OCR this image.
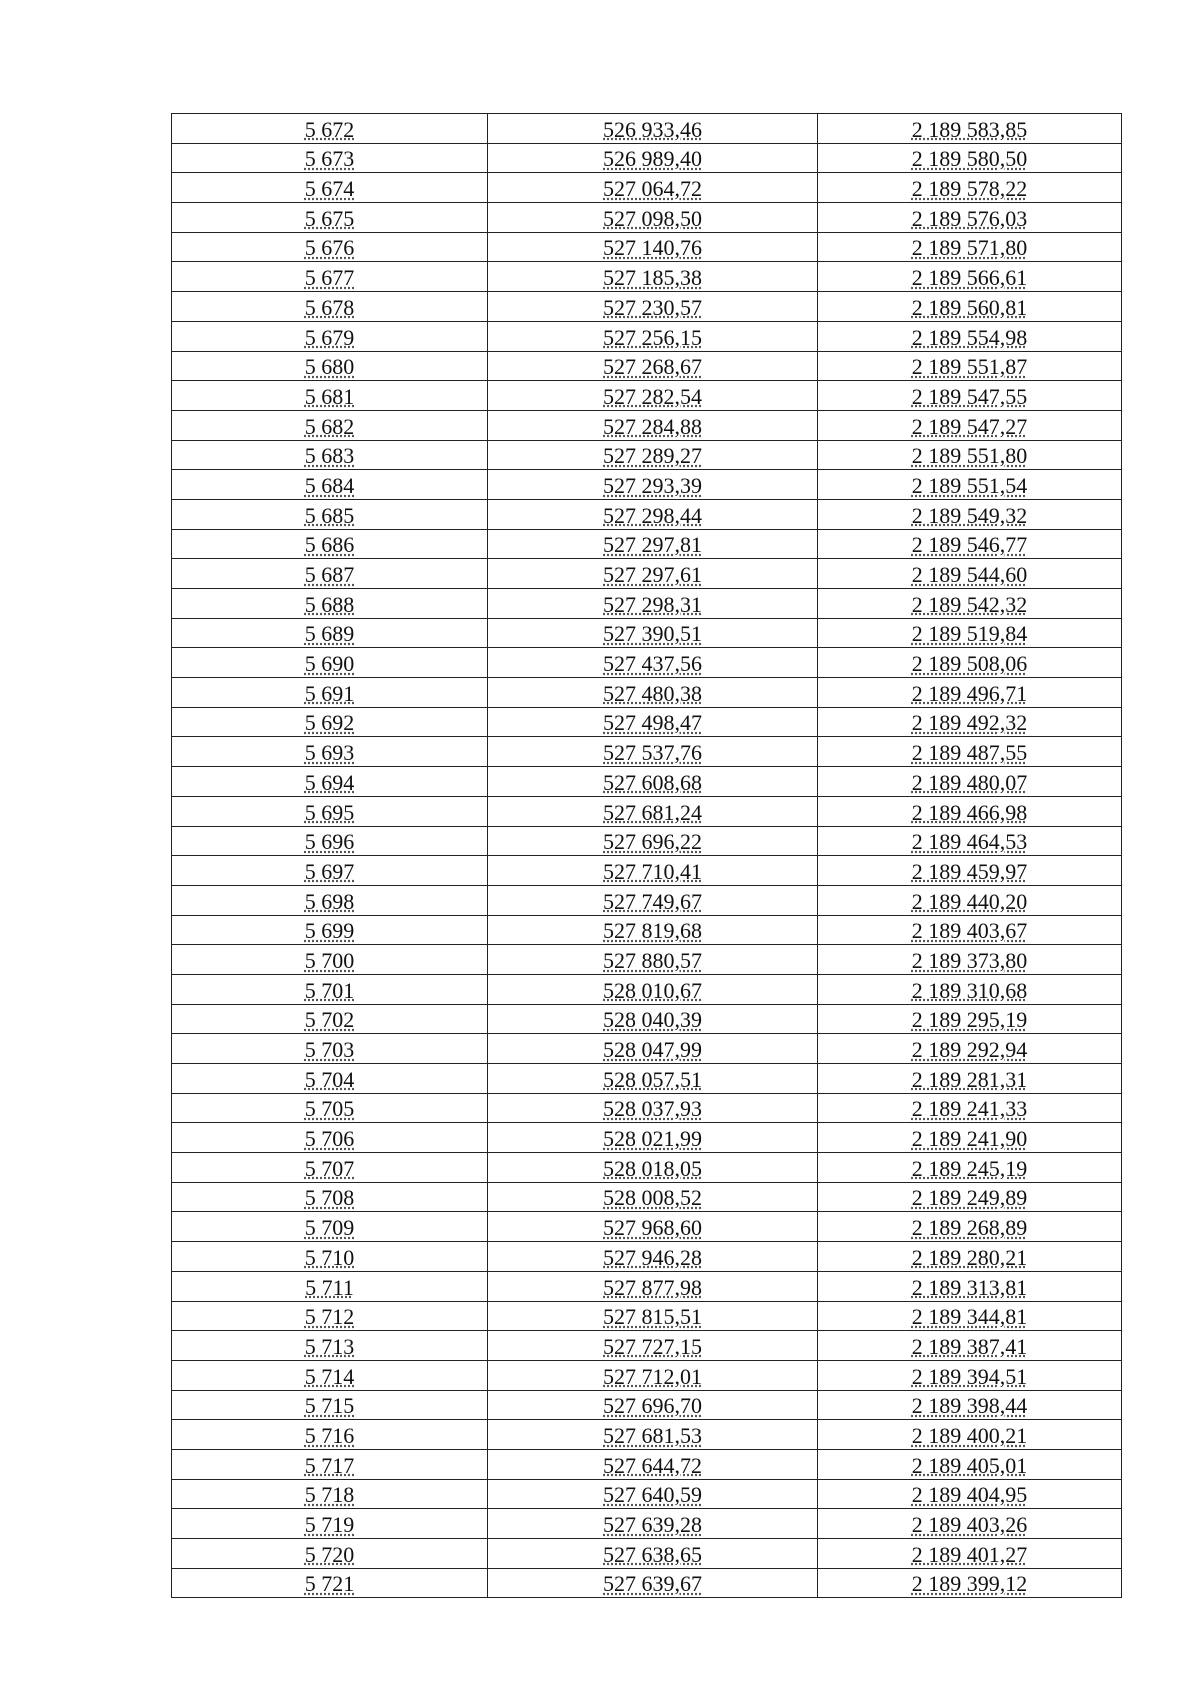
5 672	526 933,46	2 189 583,85
5 673	526 989,40	2 189 580,50
5 674	527 064,72	2 189 578,22
5 675	527 098,50	2 189 576,03
5 676	527 140,76	2 189 571,80
5 677	527 185,38	2 189 566,61
5 678	527 230,57	2 189 560,81
5 679	527 256,15	2 189 554,98
5 680	527 268,67	2 189 551,87
5 681	527 282,54	2 189 547,55
5 682	527 284,88	2 189 547,27
5 683	527 289,27	2 189 551,80
5 684	527 293,39	2 189 551,54
5 685	527 298,44	2 189 549,32
5 686	527 297,81	2 189 546,77
5 687	527 297,61	2 189 544,60
5 688	527 298,31	2 189 542,32
5 689	527 390,51	2 189 519,84
5 690	527 437,56	2 189 508,06
5 691	527 480,38	2 189 496,71
5 692	527 498,47	2 189 492,32
5 693	527 537,76	2 189 487,55
5 694	527 608,68	2 189 480,07
5 695	527 681,24	2 189 466,98
5 696	527 696,22	2 189 464,53
5 697	527 710,41	2 189 459,97
5 698	527 749,67	2 189 440,20
5 699	527 819,68	2 189 403,67
5 700	527 880,57	2 189 373,80
5 701	528 010,67	2 189 310,68
5 702	528 040,39	2 189 295,19
5 703	528 047,99	2 189 292,94
5 704	528 057,51	2 189 281,31
5 705	528 037,93	2 189 241,33
5 706	528 021,99	2 189 241,90
5 707	528 018,05	2 189 245,19
5 708	528 008,52	2 189 249,89
5 709	527 968,60	2 189 268,89
5 710	527 946,28	2 189 280,21
5 711	527 877,98	2 189 313,81
5 712	527 815,51	2 189 344,81
5 713	527 727,15	2 189 387,41
5 714	527 712,01	2 189 394,51
5 715	527 696,70	2 189 398,44
5 716	527 681,53	2 189 400,21
5 717	527 644,72	2 189 405,01
5 718	527 640,59	2 189 404,95
5 719	527 639,28	2 189 403,26
5 720	527 638,65	2 189 401,27
5 721	527 639,67	2 189 399,12
